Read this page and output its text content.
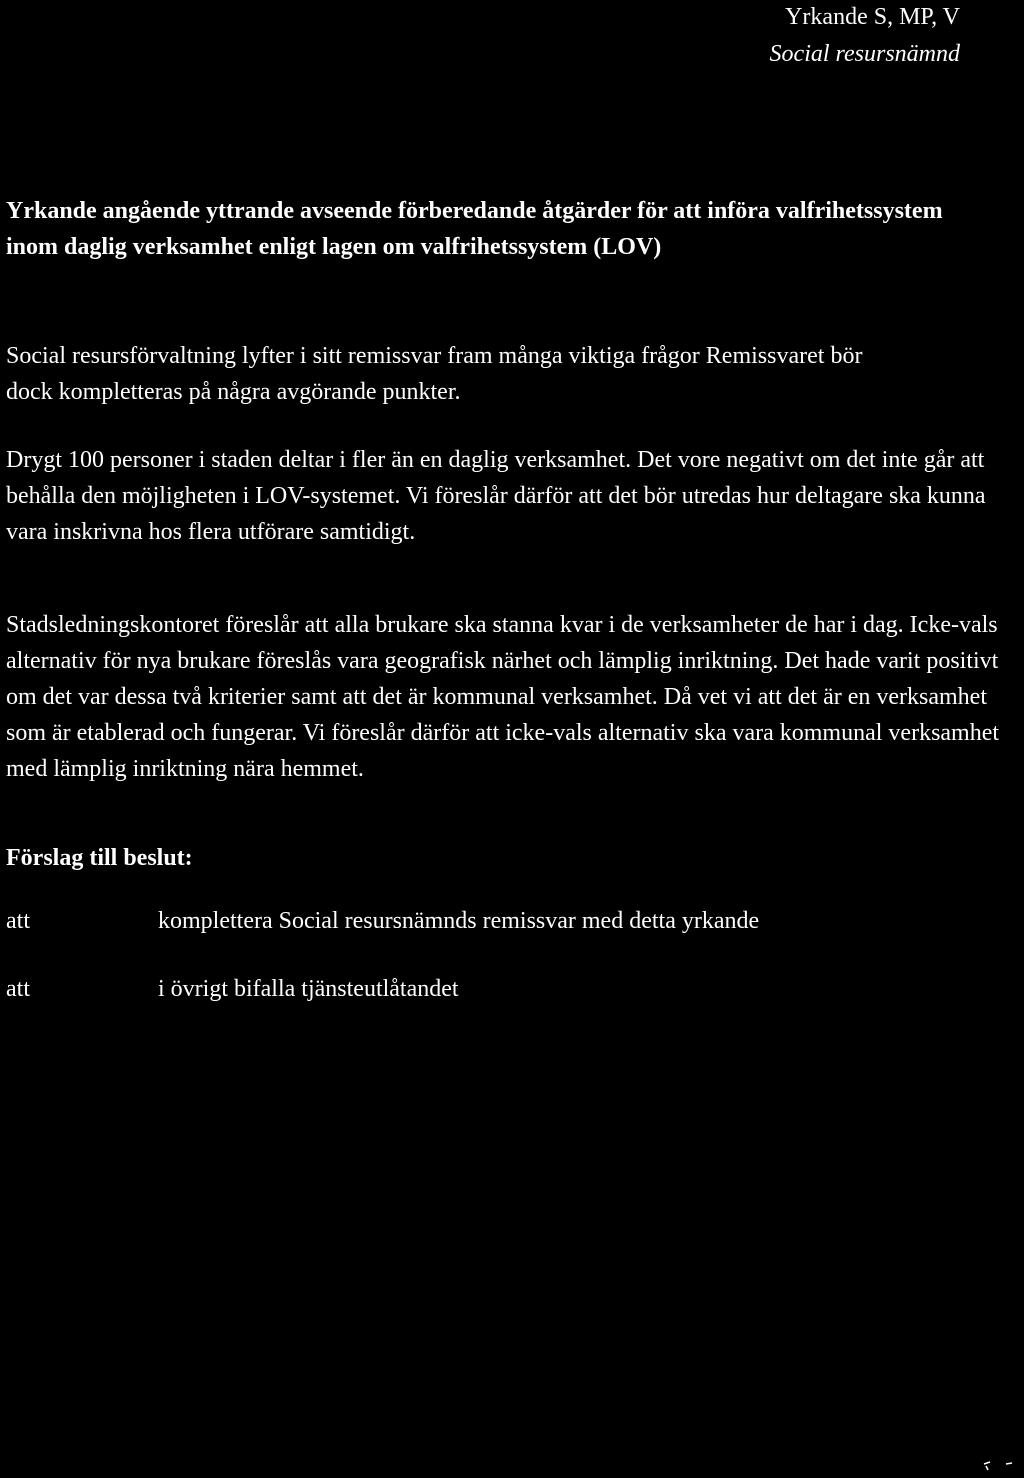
Yrkande S, MP, V
Social resursnämnd
Yrkande angående yttrande avseende förberedande åtgärder för att införa valfrihetssystem inom daglig verksamhet enligt lagen om valfrihetssystem (LOV)

Social resursförvaltning lyfter i sitt remissvar fram många viktiga frågor Remissvaret bör dock kompletteras på några avgörande punkter.

Drygt 100 personer i staden deltar i fler än en daglig verksamhet. Det vore negativt om det inte går att behålla den möjligheten i LOV-systemet. Vi föreslår därför att det bör utredas hur deltagare ska kunna vara inskrivna hos flera utförare samtidigt.

Stadsledningskontoret föreslår att alla brukare ska stanna kvar i de verksamheter de har i dag. Icke-vals alternativ för nya brukare föreslås vara geografisk närhet och lämplig inriktning. Det hade varit positivt om det var dessa två kriterier samt att det är kommunal verksamhet. Då vet vi att det är en verksamhet som är etablerad och fungerar. Vi föreslår därför att icke-vals alternativ ska vara kommunal verksamhet med lämplig inriktning nära hemmet.

Förslag till beslut:
att	komplettera Social resursnämnds remissvar med detta yrkande
att	i övrigt bifalla tjänsteutlåtandet
